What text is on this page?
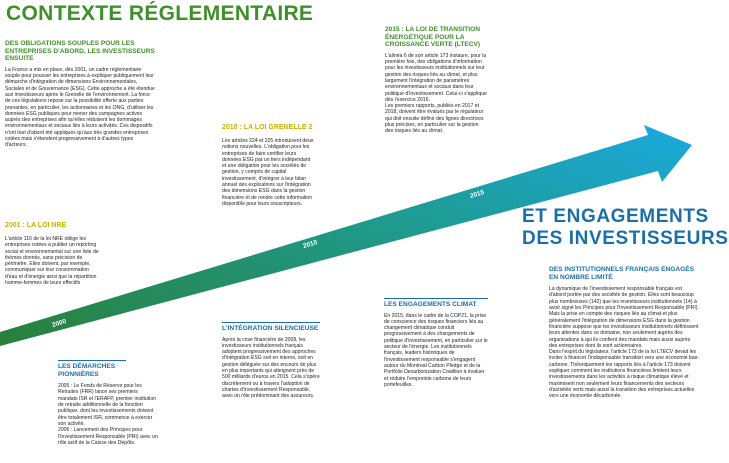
2000
2010
2015
CONTEXTE RÉGLEMENTAIRE
DES OBLIGATIONS SOUPLES POUR LES ENTREPRISES D'ABORD, LES INVESTISSEURS ENSUITE
La France a mis en place, dès 2001, un cadre réglementaire souple pour pousser les entreprises à expliquer publiquement leur démarche d'intégration de dimensions Environnementales, Sociales et de Gouvernance (ESG). Cette approche a été étendue aux investisseurs après le Grenelle de l'environnement. La force de ces législations repose sur la possibilité offerte aux parties prenantes, en particulier, les actionnaires et les ONG, d'utiliser les données ESG publiques pour mener des campagnes actives auprès des entreprises afin qu'elles réduisent les dommages environnementaux et sociaux liés à leurs activités. Ces dispositifs n'ont tout d'abord été appliqués qu'aux très grandes entreprises cotées mais s'étendent progressivement à d'autres types d'acteurs.
2001 : LA LOI NRE
L'article 116 de la loi NRE oblige les entreprises cotées à publier un reporting social et environnemental sur une liste de thèmes donnés, sans précision de périmètre. Elles doivent, par exemple, communiquer sur leur consommation d'eau et d'énergie ainsi que la répartition homme-femmes de leurs effectifs
2010 : LA LOI GRENELLE 2
Les articles 224 et 225 introduisent deux notions nouvelles. L'obligation pour les entreprises de faire certifier leurs données ESG par un tiers indépendant et une obligation pour les sociétés de gestion, y compris de capital investissement, d'intégrer à leur bilan annuel des explications sur l'intégration des dimensions ESG dans la gestion financière et de rendre cette information disponible pour leurs souscripteurs.
2015 : LA LOI DE TRANSITION ÉNERGÉTIQUE POUR LA CROISSANCE VERTE (LTECV)
L'alinéa 6 de son article 173 instaure, pour la première fois, des obligations d'information pour les investisseurs institutionnels sur leur gestion des risques liés au climat, et plus largement l'intégration de paramètres environnementaux et sociaux dans leur politique d'investissement. Celui-ci s'applique dès l'exercice 2016.
Les premiers rapports, publiés en 2017 et 2018, doivent être évalués par le régulateur qui doit ensuite définir des lignes directrices plus précises, en particulier sur la gestion des risques liés au climat.
L'INTÉGRATION SILENCIEUSE
Après la crise financière de 2008, les investisseurs institutionnels français adoptent progressivement des approches d'intégration ESG soit en interne, soit en gestion déléguée sur des encours de plus en plus importants qui atteignent près de 500 milliards d'euros en 2015. Cela s'opère discrètement ou à travers l'adoption de chartes d'investissement Responsable, avec un rôle prédominant des assureurs.
LES ENGAGEMENTS CLIMAT
En 2015, dans le cadre de la COP21, la prise de conscience des risques financiers liés au changement climatique conduit progressivement à des changements de politique d'investissement, en particulier sur le secteur de l'énergie. Les institutionnels français, leaders historiques de l'investissement responsable s'engagent autour du Montreal Carbon Pledge et de la Portfolio Decarbonization Coalition à évaluer et réduire l'empreinte carbone de leurs portefeuilles.
LES DÉMARCHES PIONNIÈRES
2005 : Le Fonds de Réserve pour les Retraites (FRR) lance ses premiers mandats ISR et l'ERAFP, premier institution de retraite additionnelle de la fonction publique, dont les investissements doivent être totalement ISR, commence à exercer son activité.
2006 : Lancement des Principes pour l'Investissement Responsable (PRI) avec un rôle actif de la Caisse des Dépôts.
ET ENGAGEMENTS
DES INVESTISSEURS
DES INSTITUTIONNELS FRANÇAIS ENGAGÉS EN NOMBRE LIMITÉ
La dynamique de l'investissement responsable français est d'abord portée par des sociétés de gestion. Elles sont beaucoup plus nombreuses (142) que les investisseurs institutionnels (14) à avoir signé les Principes pour l'Investissement Responsable (PRI). Mais la prise en compte des risques liés au climat et plus généralement l'intégration de dimensions ESG dans la gestion financière suppose que les investisseurs institutionnels définissent leurs attentes dans ce domaine, non seulement auprès des organisations à qui ils confient des mandats mais aussi auprès des entreprises dont ils sont actionnaires.
Dans l'esprit du législateur, l'article 173 de la loi LTECV devait les inciter à financer l'indispensable transition vers une économie bas-carbone. Théoriquement les rapports liés à l'article 173 doivent expliquer comment les institutions financières limitent leurs investissements dans les activités à risque climatique élevé et maximisent non seulement leurs financements des secteurs d'activités verts mais aussi la transition des entreprises actuelles vers une économie décarbonée.
